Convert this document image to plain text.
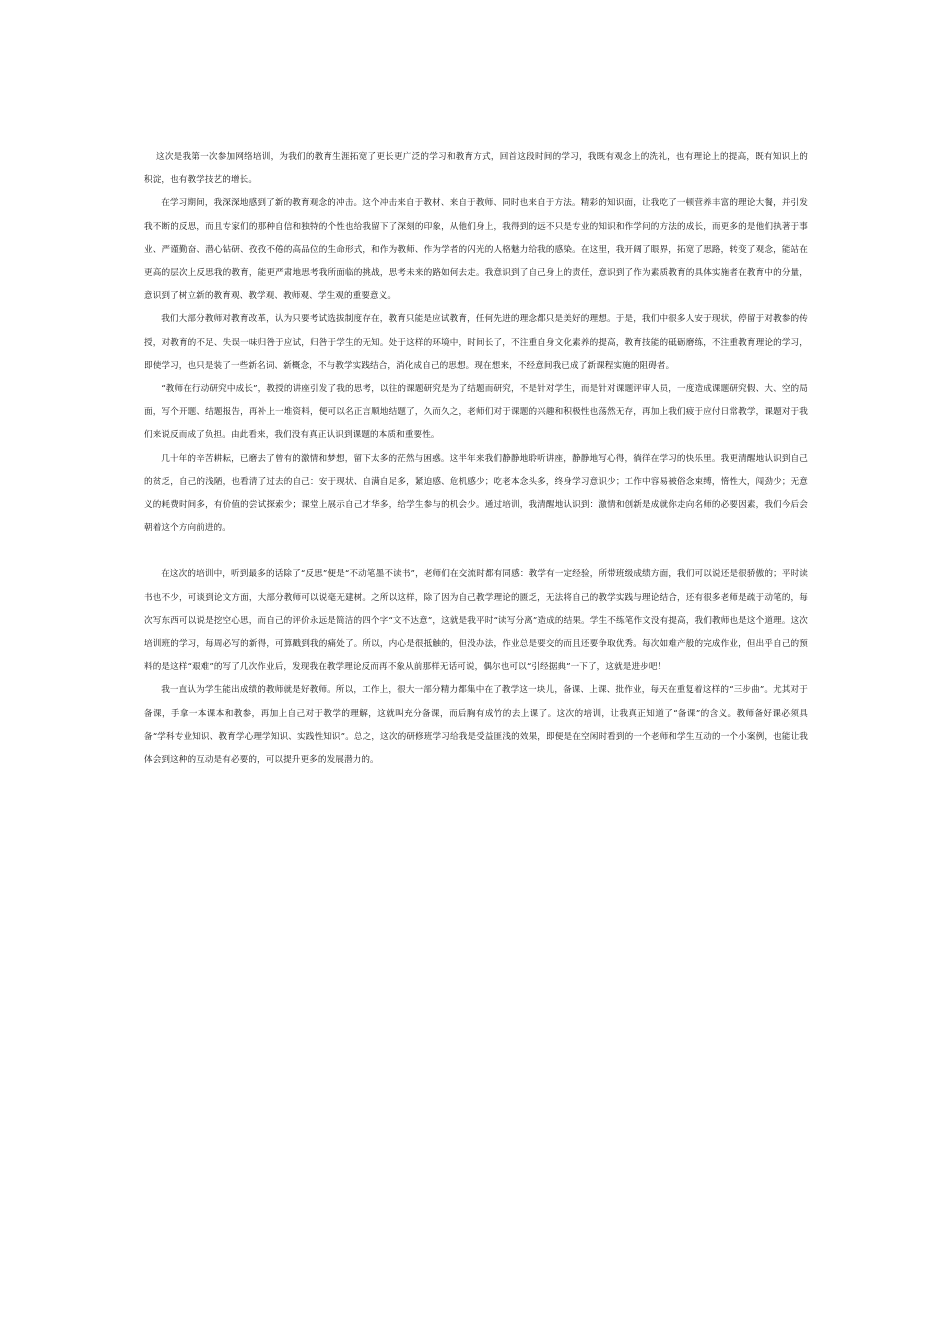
这次是我第一次参加网络培训，为我们的教育生涯拓宽了更长更广泛的学习和教育方式，回首这段时间的学习，我既有观念上的洗礼，也有理论上的提高，既有知识上的积淀，也有教学技艺的增长。

在学习期间，我深深地感到了新的教育观念的冲击。这个冲击来自于教材、来自于教师、同时也来自于方法。精彩的知识面，让我吃了一顿营养丰富的理论大餐，并引发我不断的反思，而且专家们的那种自信和独特的个性也给我留下了深刻的印象，从他们身上，我得到的远不只是专业的知识和作学问的方法的成长，而更多的是他们执著于事业、严谨勤奋、潜心钻研、孜孜不倦的高品位的生命形式，和作为教师、作为学者的闪光的人格魅力给我的感染。在这里，我开阔了眼界，拓宽了思路，转变了观念，能站在更高的层次上反思我的教育，能更严肃地思考我所面临的挑战，思考未来的路如何去走。我意识到了自己身上的责任，意识到了作为素质教育的具体实施者在教育中的分量，意识到了树立新的教育观、教学观、教师观、学生观的重要意义。

我们大部分教师对教育改革，认为只要考试选拔制度存在，教育只能是应试教育，任何先进的理念都只是美好的理想。于是，我们中很多人安于现状，停留于对教参的传授，对教育的不足、失误一味归咎于应试，归咎于学生的无知。处于这样的环境中，时间长了，不注重自身文化素养的提高，教育技能的砥砺磨练，不注重教育理论的学习，即使学习，也只是装了一些新名词、新概念，不与教学实践结合，消化成自己的思想。现在想来，不经意间我已成了新课程实施的阻碍者。

“教师在行动研究中成长”，教授的讲座引发了我的思考，以往的课题研究是为了结题而研究，不是针对学生，而是针对课题评审人员，一度造成课题研究假、大、空的局面，写个开题、结题报告，再补上一堆资料，便可以名正言顺地结题了，久而久之，老师们对于课题的兴趣和积极性也荡然无存，再加上我们疲于应付日常教学，课题对于我们来说反而成了负担。由此看来，我们没有真正认识到课题的本质和重要性。

几十年的辛苦耕耘，已磨去了曾有的激情和梦想，留下太多的茫然与困惑。这半年来我们静静地聆听讲座，静静地写心得，徜徉在学习的快乐里。我更清醒地认识到自己的贫乏，自己的浅陋，也看清了过去的自己：安于现状、自满自足多，紧迫感、危机感少；吃老本念头多，终身学习意识少；工作中容易被俗念束缚，惰性大，闯劲少；无意义的耗费时间多，有价值的尝试探索少；课堂上展示自己才华多，给学生参与的机会少。通过培训，我清醒地认识到：激情和创新是成就你走向名师的必要因素，我们今后会朝着这个方向前进的。

在这次的培训中，听到最多的话除了“反思”便是“不动笔墨不读书”，老师们在交流时都有同感：教学有一定经验，所带班级成绩方面，我们可以说还是很骄傲的；平时读书也不少，可谈到论文方面，大部分教师可以说毫无建树。之所以这样，除了因为自己教学理论的匮乏，无法将自己的教学实践与理论结合，还有很多老师是疏于动笔的，每次写东西可以说是挖空心思，而自己的评价永远是简洁的四个字“文不达意”，这就是我平时“读写分离”造成的结果。学生不练笔作文没有提高，我们教师也是这个道理。这次培训班的学习，每周必写的新得，可算戳到我的痛处了。所以，内心是很抵触的，但没办法，作业总是要交的而且还要争取优秀。每次如难产般的完成作业，但出乎自己的预料的是这样“艰难”的写了几次作业后，发现我在教学理论反而再不象从前那样无话可说，偶尔也可以“引经据典”一下了，这就是进步吧！

我一直认为学生能出成绩的教师就是好教师。所以，工作上，很大一部分精力都集中在了教学这一块儿，备课、上课、批作业，每天在重复着这样的“三步曲”。尤其对于备课，手拿一本课本和教参，再加上自己对于教学的理解，这就叫充分备课，而后胸有成竹的去上课了。这次的培训，让我真正知道了“备课”的含义。教师备好课必须具备“学科专业知识、教育学心理学知识、实践性知识”。总之，这次的研修班学习给我是受益匪浅的效果，即便是在空闲时看到的一个老师和学生互动的一个小案例，也能让我体会到这种的互动是有必要的，可以提升更多的发展潜力的。
